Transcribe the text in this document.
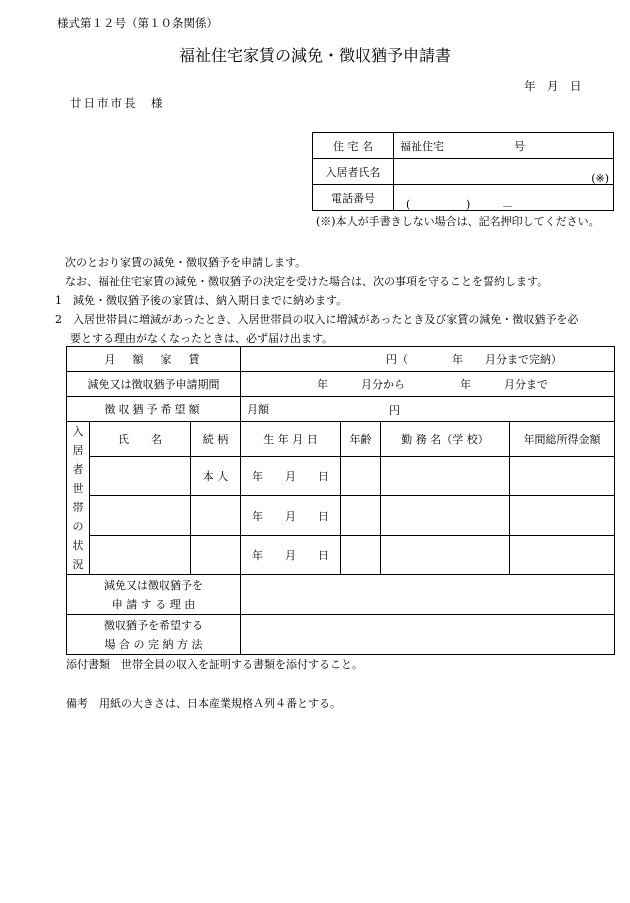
様式第１２号（第１０条関係）
福祉住宅家賃の減免・徴収猶予申請書
年　月　日
廿日市市長　様
住 宅 名	福祉住宅 号

入居者氏名	(※)

電話番号	( ) －
(※)本人が手書きしない場合は、記名押印してください。
次のとおり家賃の減免・徴収猶予を申請します。
なお、福祉住宅家賃の減免・徴収猶予の決定を受けた場合は、次の事項を守ることを誓約します。
1　減免・徴収猶予後の家賃は、納入期日までに納めます。
2　入居世帯員に増減があったとき、入居世帯員の収入に増減があったとき及び家賃の減免・徴収猶予を必
要とする理由がなくなったときは、必ず届け出ます。
月　額　家　賃			円（　　　　年　　月分まで完納）			
減免又は徴収猶予申請期間			年　　　月分から　　　　　年　　　月分まで			
徴収猶予希望額			月額 円			

入居者世帯の状況	氏　　名	続 柄	生 年 月 日	年齢	勤 務 名（学 校）	年間総所得金額
		本 人	年　　月　　日			
			年　　月　　日			
			年　　月　　日			

減免又は徴収猶予を
申 請 す る 理 由						

徴収猶予を希望する
場 合 の 完 納 方 法						

添付書類　世帯全員の収入を証明する書類を添付すること。
備考　用紙の大きさは、日本産業規格Ａ列４番とする。
